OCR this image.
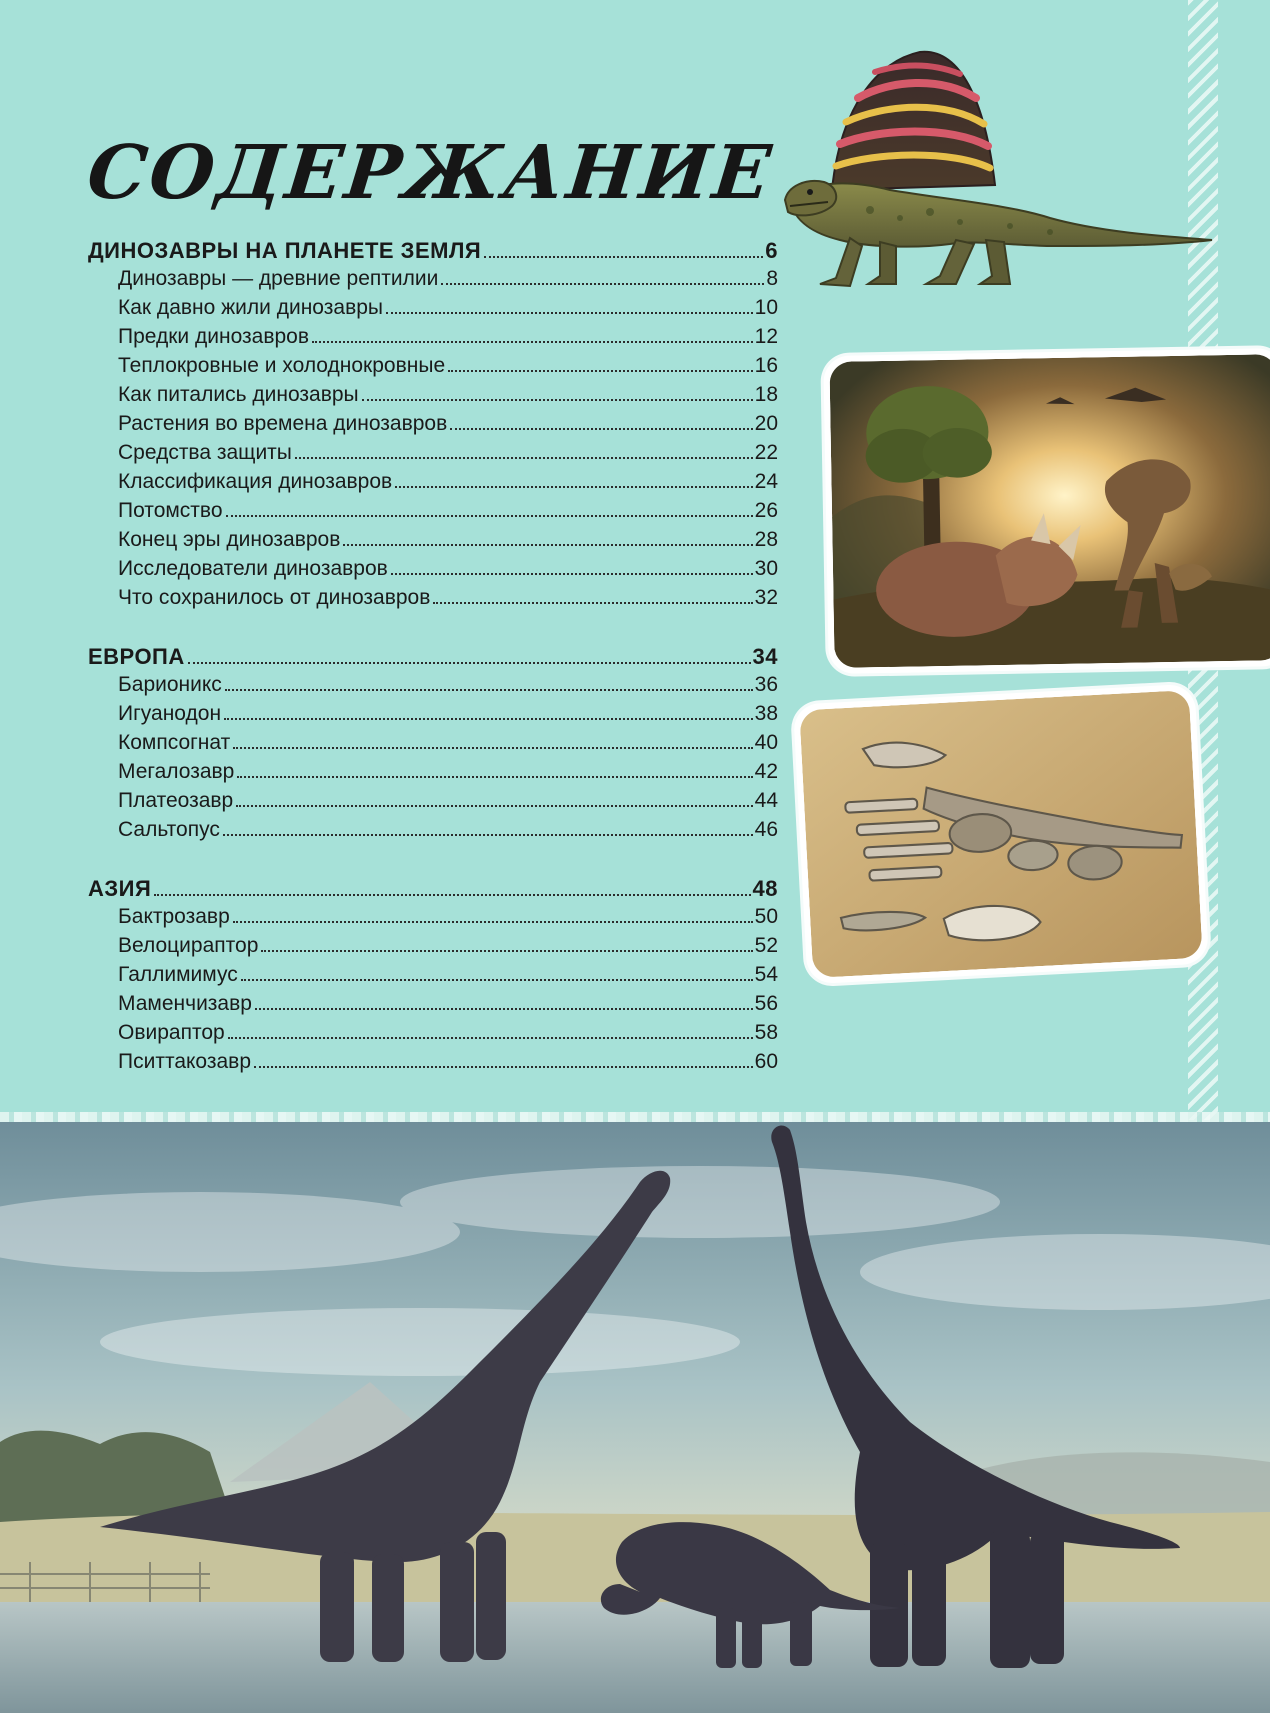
СОДЕРЖАНИЕ
ДИНОЗАВРЫ НА ПЛАНЕТЕ ЗЕМЛЯ	6
Динозавры — древние рептилии	8
Как давно жили динозавры	10
Предки динозавров	12
Теплокровные и холоднокровные	16
Как питались динозавры	18
Растения во времена динозавров	20
Средства защиты	22
Классификация динозавров	24
Потомство	26
Конец эры динозавров	28
Исследователи динозавров	30
Что сохранилось от динозавров	32
ЕВРОПА	34
Барионикс	36
Игуанодон	38
Компсогнат	40
Мегалозавр	42
Платеозавр	44
Сальтопус	46
АЗИЯ	48
Бактрозавр	50
Велоцираптор	52
Галлимимус	54
Маменчизавр	56
Овираптор	58
Пситтакозавр	60
